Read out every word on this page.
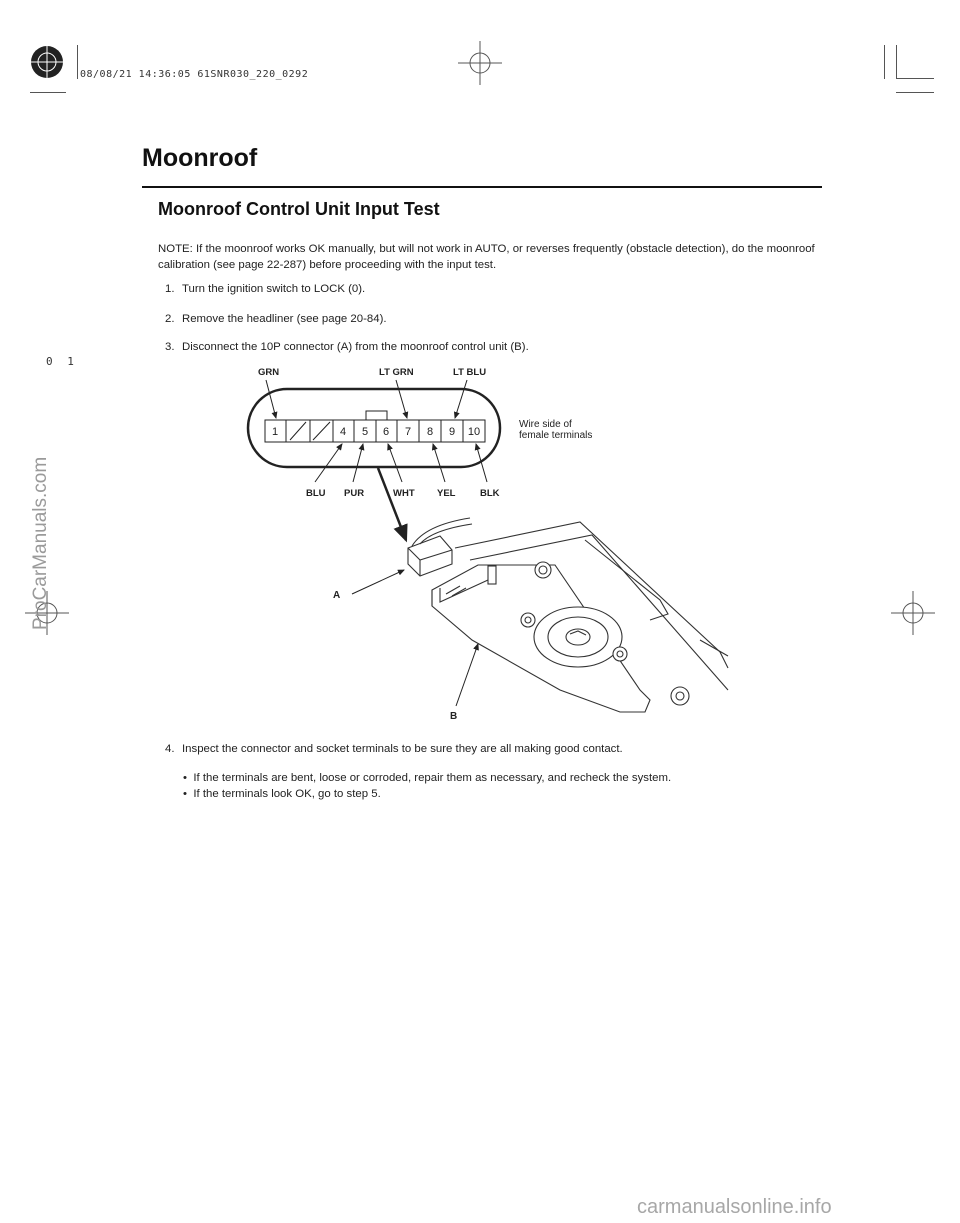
08/08/21 14:36:05 61SNR030_220_0292
0 1
ProCarManuals.com
carmanualsonline.info
Moonroof
Moonroof Control Unit Input Test
NOTE: If the moonroof works OK manually, but will not work in AUTO, or reverses frequently (obstacle detection), do the moonroof calibration (see page 22-287) before proceeding with the input test.
1. Turn the ignition switch to LOCK (0).
2. Remove the headliner (see page 20-84).
3. Disconnect the 10P connector (A) from the moonroof control unit (B).
GRN	LT GRN	LT BLU
1	4 5 6 7 8 9 10
BLU PUR	WHT YEL	BLK
Wire side of
female terminals
A
B
4. Inspect the connector and socket terminals to be sure they are all making good contact.
•  If the terminals are bent, loose or corroded, repair them as necessary, and recheck the system.
•  If the terminals look OK, go to step 5.
